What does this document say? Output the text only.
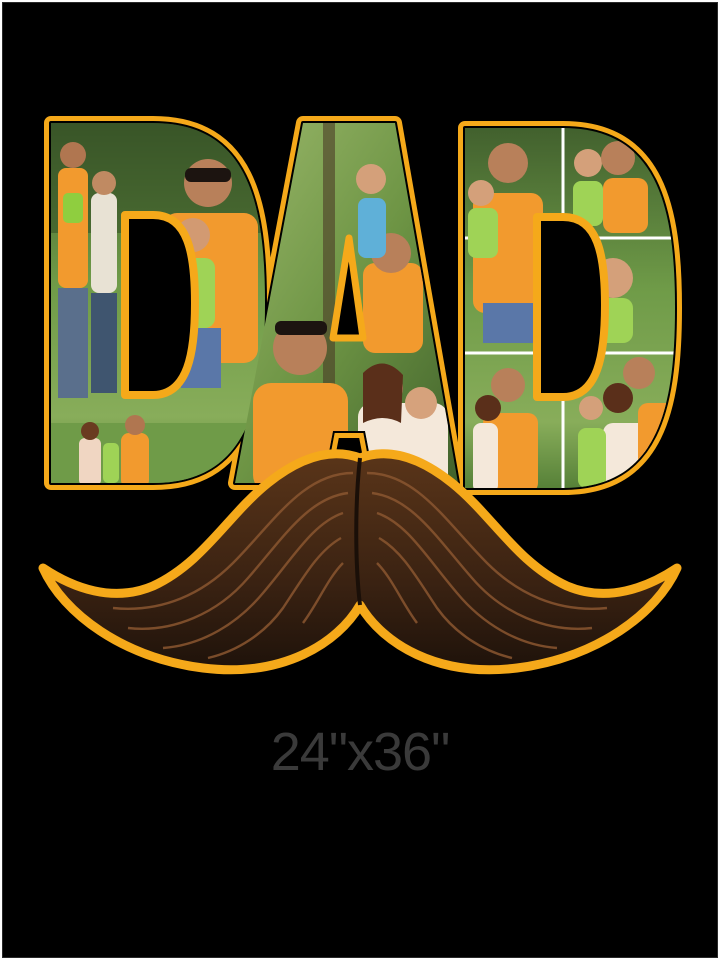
24"x36"
